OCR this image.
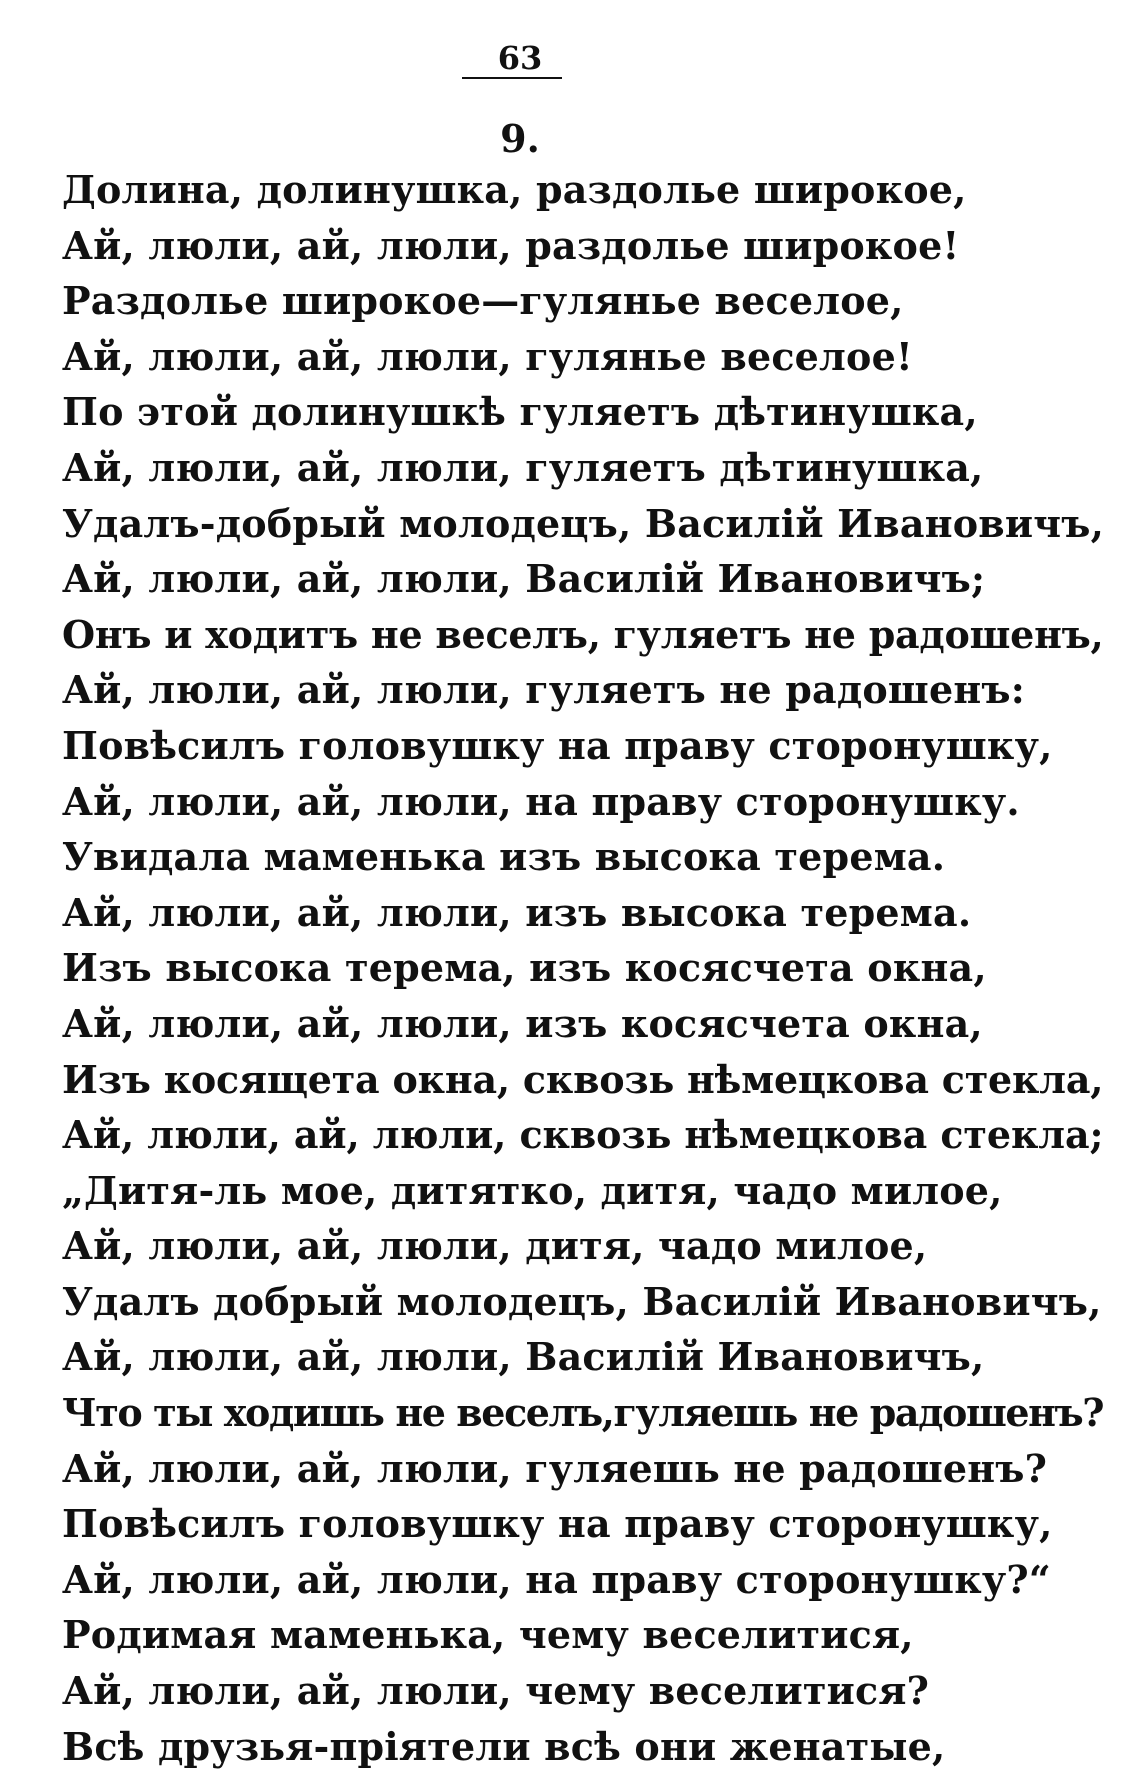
63
9.
Долина, долинушка, раздолье широкое,
Ай, люли, ай, люли, раздолье широкое!
Раздолье широкое—гулянье веселое,
Ай, люли, ай, люли, гулянье веселое!
По этой долинушкѣ гуляетъ дѣтинушка,
Ай, люли, ай, люли, гуляетъ дѣтинушка,
Удалъ-добрый молодецъ, Василій Ивановичъ,
Ай, люли, ай, люли, Василій Ивановичъ;
Онъ и ходитъ не веселъ, гуляетъ не радошенъ,
Ай, люли, ай, люли, гуляетъ не радошенъ:
Повѣсилъ головушку на праву сторонушку,
Ай, люли, ай, люли, на праву сторонушку.
Увидала маменька изъ высока терема.
Ай, люли, ай, люли, изъ высока терема.
Изъ высока терема, изъ косясчета окна,
Ай, люли, ай, люли, изъ косясчета окна,
Изъ косящета окна, сквозь нѣмецкова стекла,
Ай, люли, ай, люли, сквозь нѣмецкова стекла;
„Дитя-ль мое, дитятко, дитя, чадо милое,
Ай, люли, ай, люли, дитя, чадо милое,
Удалъ добрый молодецъ, Василій Ивановичъ,
Ай, люли, ай, люли, Василій Ивановичъ,
Что ты ходишь не веселъ,гуляешь не радошенъ?
Ай, люли, ай, люли, гуляешь не радошенъ?
Повѣсилъ головушку на праву сторонушку,
Ай, люли, ай, люли, на праву сторонушку?“
Родимая маменька, чему веселитися,
Ай, люли, ай, люли, чему веселитися?
Всѣ друзья-пріятели всѣ они женатые,
